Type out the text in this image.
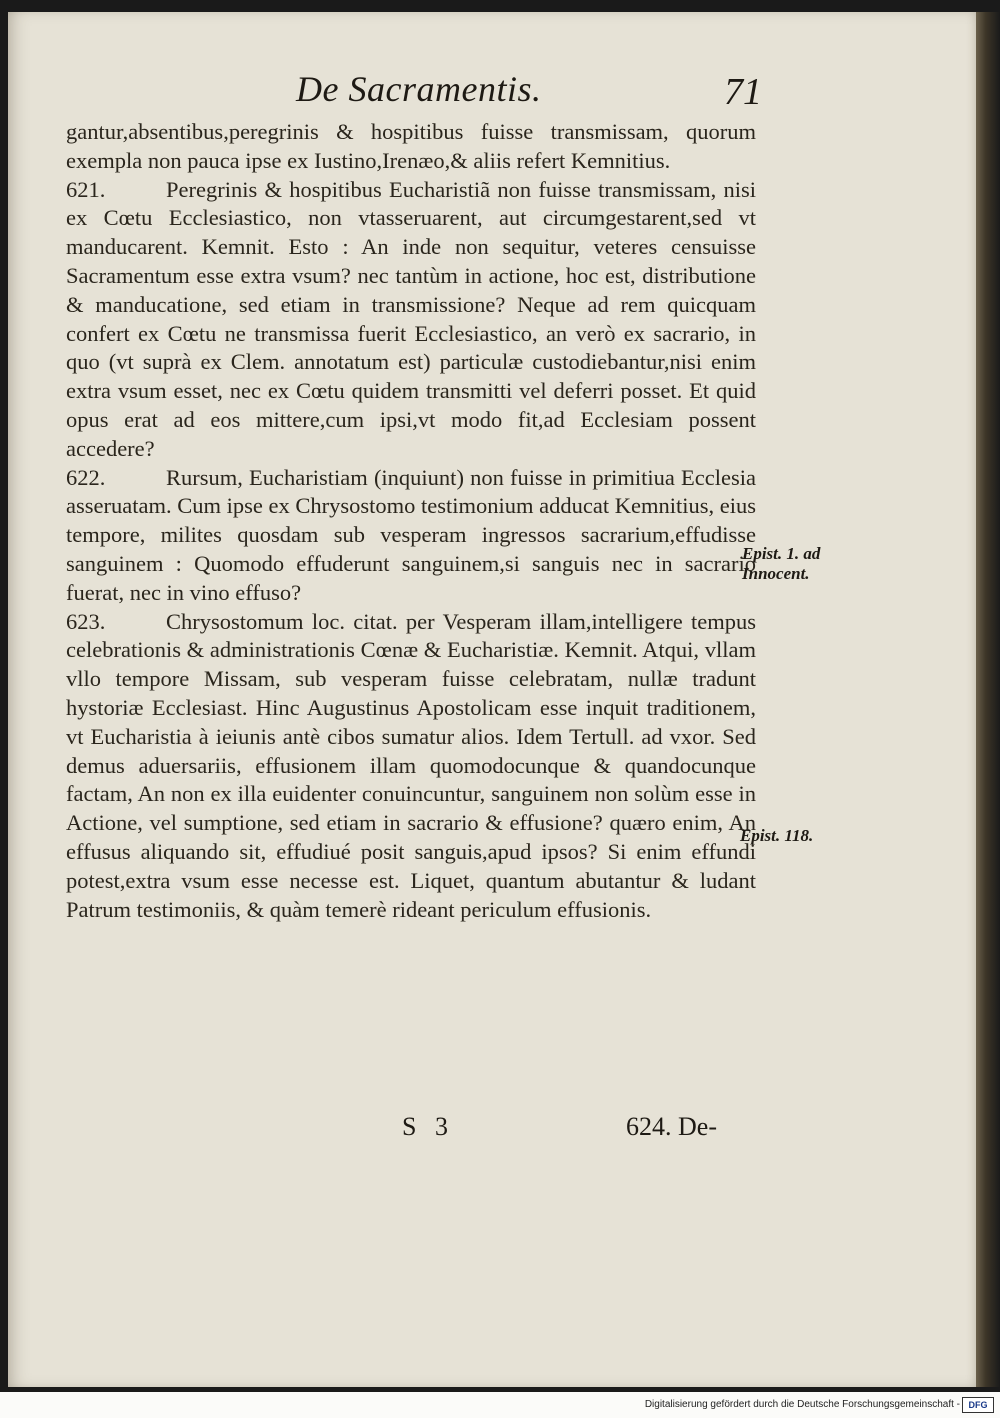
De Sacramentis.	71

gantur,absentibus,peregrinis & hospitibus fuisse transmissam, quorum exempla non pauca ipse ex Iustino,Irenæo,& aliis refert Kemnitius.

621.	Peregrinis & hospitibus Eucharistiã non fuisse transmissam, nisi ex Cœtu Ecclesiastico, non vtasseruarent, aut circumgestarent,sed vt manducarent. Kemnit. Esto : An inde non sequitur, veteres censuisse Sacramentum esse extra vsum? nec tantùm in actione, hoc est, distributione & manducatione, sed etiam in transmissione? Neque ad rem quicquam confert ex Cœtu ne transmissa fuerit Ecclesiastico, an verò ex sacrario, in quo (vt suprà ex Clem. annotatum est) particulæ custodiebantur,nisi enim extra vsum esset, nec ex Cœtu quidem transmitti vel deferri posset. Et quid opus erat ad eos mittere,cum ipsi,vt modo fit,ad Ecclesiam possent accedere?

622.	Rursum, Eucharistiam (inquiunt) non fuisse in primitiua Ecclesia asseruatam. Cum ipse ex Chrysostomo testimonium adducat Kemnitius, eius tempore, milites quosdam sub vesperam ingressos sacrarium,effudisse sanguinem : Quomodo effuderunt sanguinem,si sanguis nec in sacrario fuerat, nec in vino effuso?

623.	Chrysostomum loc. citat. per Vesperam illam,intelligere tempus celebrationis & administrationis Cœnæ & Eucharistiæ. Kemnit. Atqui, vllam vllo tempore Missam, sub vesperam fuisse celebratam, nullæ tradunt hystoriæ Ecclesiast. Hinc Augustinus Apostolicam esse inquit traditionem, vt Eucharistia à ieiunis antè cibos sumatur alios. Idem Tertull. ad vxor. Sed demus aduersariis, effusionem illam quomodocunque & quandocunque factam, An non ex illa euidenter conuincuntur, sanguinem non solùm esse in Actione, vel sumptione, sed etiam in sacrario & effusione? quæro enim, An effusus aliquando sit, effudiué posit sanguis,apud ipsos? Si enim effundi potest,extra vsum esse necesse est. Liquet, quantum abutantur & ludant Patrum testimoniis, & quàm temerè rideant periculum effusionis.

Epist. 1. ad Innocent.
Epist. 118.
S 3	624. De-
Digitalisierung gefördert durch die Deutsche Forschungsgemeinschaft - DFG
